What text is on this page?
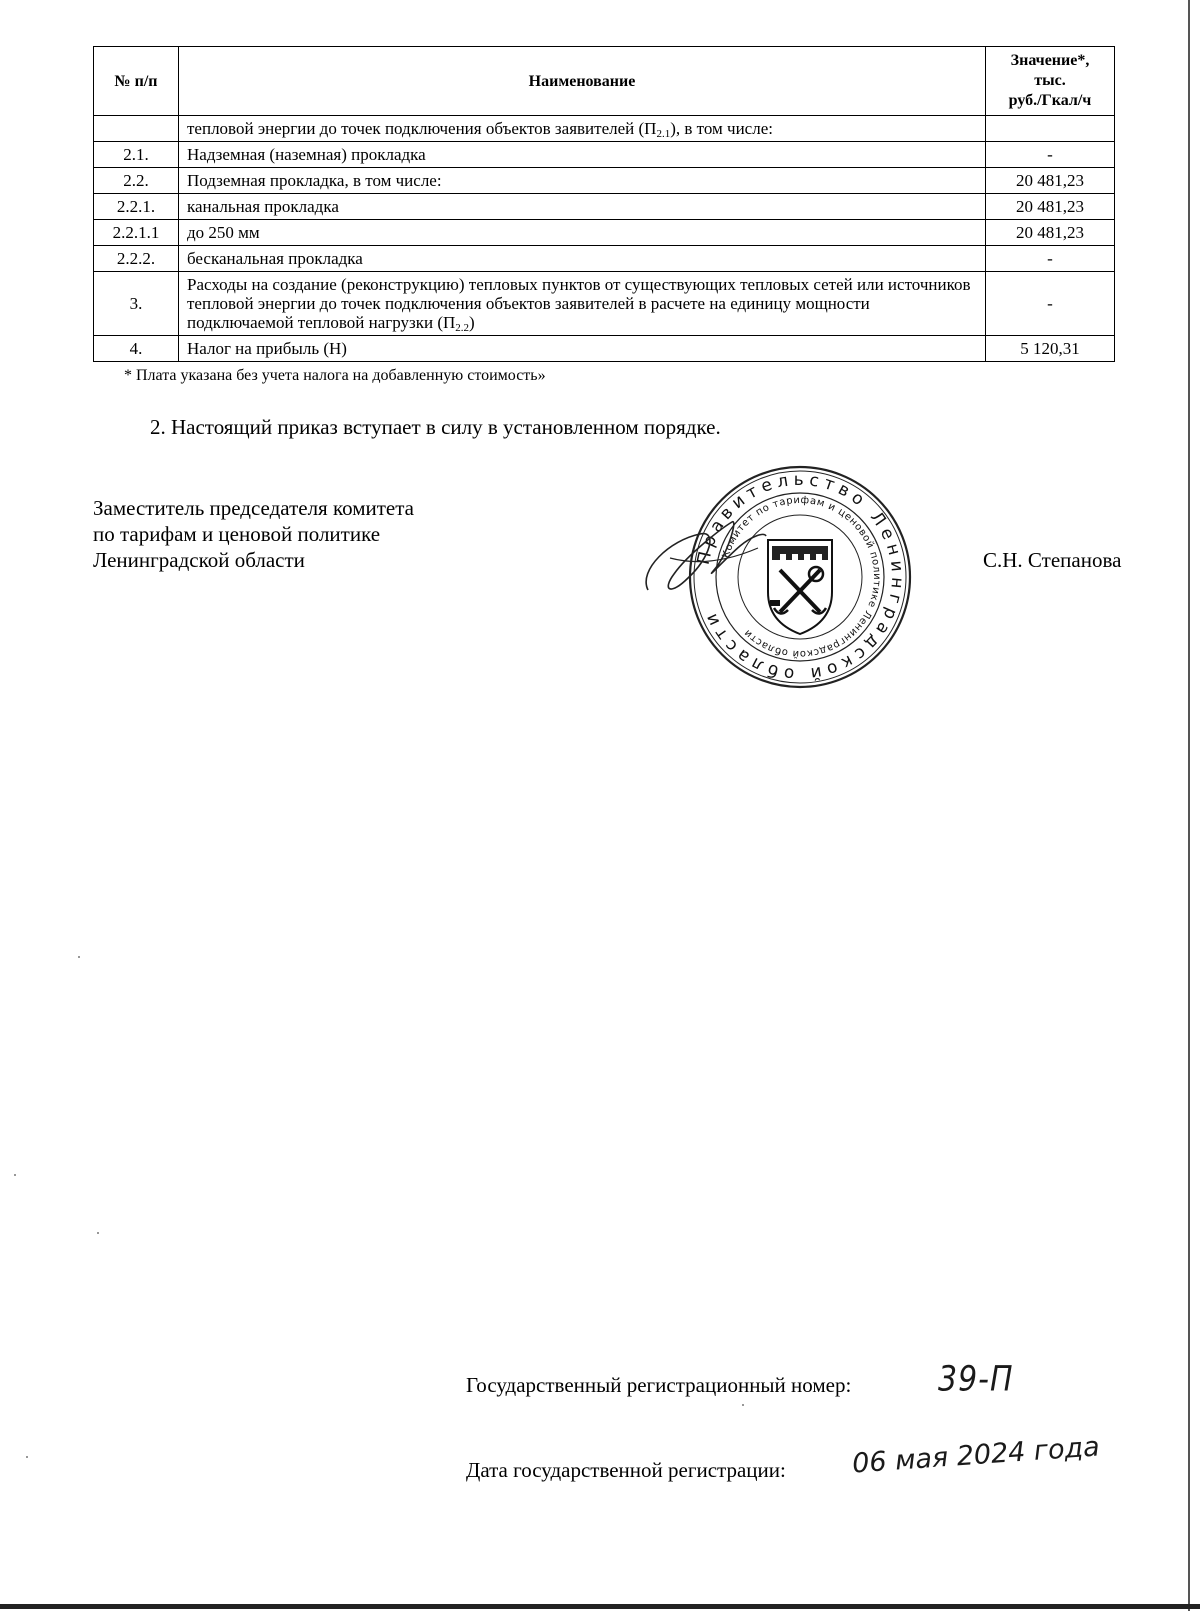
№ п/п	Наименование	Значение*,
тыс.
руб./Гкал/ч
	тепловой энергии до точек подключения объектов заявителей $(П_{2.1})$, в том числе:	
2.1.	Надземная (наземная) прокладка	-
2.2.	Подземная прокладка, в том числе:	20 481,23
2.2.1.	канальная прокладка	20 481,23
2.2.1.1	до 250 мм	20 481,23
2.2.2.	бесканальная прокладка	-
3.	Расходы на создание (реконструкцию) тепловых пунктов от существующих тепловых сетей или источников тепловой энергии до точек подключения объектов заявителей в расчете на единицу мощности подключаемой тепловой нагрузки $(П_{2.2})$	-
4.	Налог на прибыль (Н)	5 120,31
* Плата указана без учета налога на добавленную стоимость»
2. Настоящий приказ вступает в силу в установленном порядке.
Заместитель председателя комитета
по тарифам и ценовой политике
Ленинградской области	Правительство Ленинградской области
Комитет по тарифам и ценовой политике Ленинградской области
С.Н. Степанова
Государственный регистрационный номер:	39-П
Дата государственной регистрации: 06 мая 2024 года
